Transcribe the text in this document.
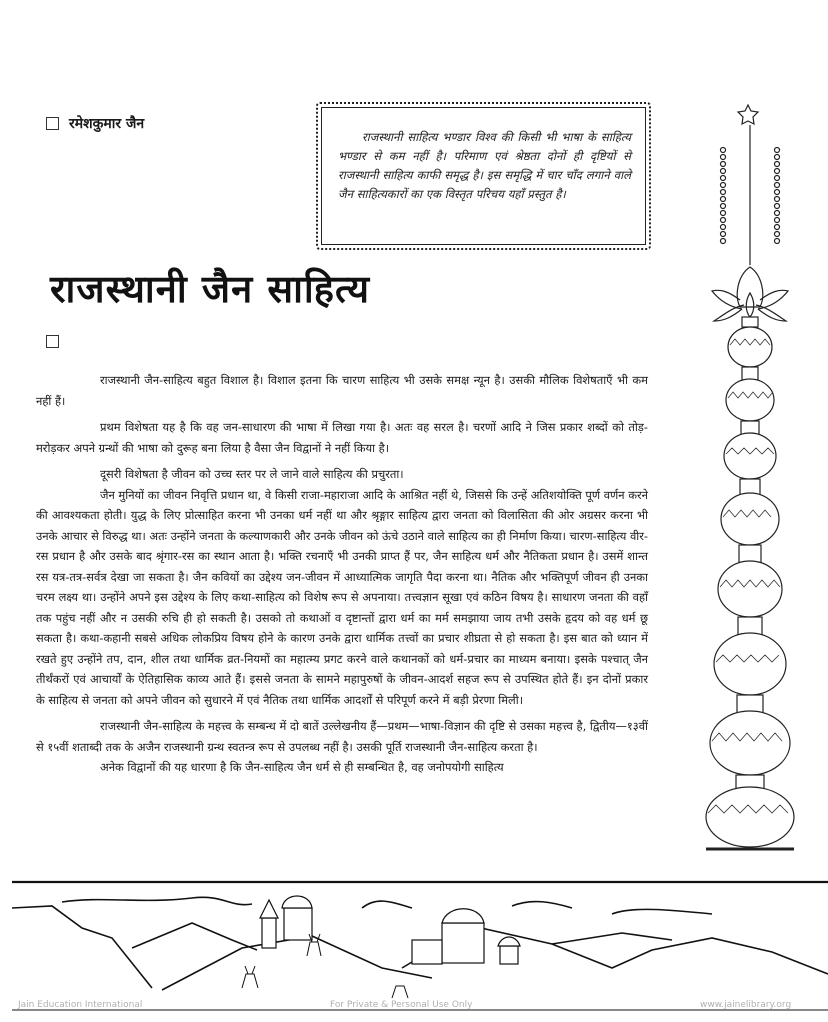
रमेशकुमार जैन

राजस्थानी साहित्य भण्डार विश्व की किसी भी भाषा के साहित्य भण्डार से कम नहीं है। परिमाण एवं श्रेष्ठता दोनों ही दृष्टियों से राजस्थानी साहित्य काफी समृद्ध है। इस समृद्धि में चार चाँद लगाने वाले जैन साहित्यकारों का एक विस्तृत परिचय यहाँ प्रस्तुत है।

राजस्थानी जैन साहित्य

राजस्थानी जैन-साहित्य बहुत विशाल है। विशाल इतना कि चारण साहित्य भी उसके समक्ष न्यून है। उसकी मौलिक विशेषताएँ भी कम नहीं हैं।

प्रथम विशेषता यह है कि वह जन-साधारण की भाषा में लिखा गया है। अतः वह सरल है। चरणों आदि ने जिस प्रकार शब्दों को तोड़-मरोड़कर अपने ग्रन्थों की भाषा को दुरूह बना लिया है वैसा जैन विद्वानों ने नहीं किया है।

दूसरी विशेषता है जीवन को उच्च स्तर पर ले जाने वाले साहित्य की प्रचुरता।

जैन मुनियों का जीवन निवृत्ति प्रधान था, वे किसी राजा-महाराजा आदि के आश्रित नहीं थे, जिससे कि उन्हें अतिशयोक्ति पूर्ण वर्णन करने की आवश्यकता होती। युद्ध के लिए प्रोत्साहित करना भी उनका धर्म नहीं था और श्रृङ्गार साहित्य द्वारा जनता को विलासिता की ओर अग्रसर करना भी उनके आचार से विरुद्ध था। अतः उन्होंने जनता के कल्याणकारी और उनके जीवन को ऊंचे उठाने वाले साहित्य का ही निर्माण किया। चारण-साहित्य वीर-रस प्रधान है और उसके बाद श्रृंगार-रस का स्थान आता है। भक्ति रचनाएँ भी उनकी प्राप्त हैं पर, जैन साहित्य धर्म और नैतिकता प्रधान है। उसमें शान्त रस यत्र-तत्र-सर्वत्र देखा जा सकता है। जैन कवियों का उद्देश्य जन-जीवन में आध्यात्मिक जागृति पैदा करना था। नैतिक और भक्तिपूर्ण जीवन ही उनका चरम लक्ष्य था। उन्होंने अपने इस उद्देश्य के लिए कथा-साहित्य को विशेष रूप से अपनाया। तत्त्वज्ञान सूखा एवं कठिन विषय है। साधारण जनता की वहाँ तक पहुंच नहीं और न उसकी रुचि ही हो सकती है। उसको तो कथाओं व दृष्टान्तों द्वारा धर्म का मर्म समझाया जाय तभी उसके हृदय को वह धर्म छू सकता है। कथा-कहानी सबसे अधिक लोकप्रिय विषय होने के कारण उनके द्वारा धार्मिक तत्त्वों का प्रचार शीघ्रता से हो सकता है। इस बात को ध्यान में रखते हुए उन्होंने तप, दान, शील तथा धार्मिक व्रत-नियमों का महात्म्य प्रगट करने वाले कथानकों को धर्म-प्रचार का माध्यम बनाया। इसके पश्चात् जैन तीर्थंकरों एवं आचार्यों के ऐतिहासिक काव्य आते हैं। इससे जनता के सामने महापुरुषों के जीवन-आदर्श सहज रूप से उपस्थित होते हैं। इन दोनों प्रकार के साहित्य से जनता को अपने जीवन को सुधारने में एवं नैतिक तथा धार्मिक आदर्शों से परिपूर्ण करने में बड़ी प्रेरणा मिली।

राजस्थानी जैन-साहित्य के महत्त्व के सम्बन्ध में दो बातें उल्लेखनीय हैं—प्रथम—भाषा-विज्ञान की दृष्टि से उसका महत्त्व है, द्वितीय—१३वीं से १५वीं शताब्दी तक के अजैन राजस्थानी ग्रन्थ स्वतन्त्र रूप से उपलब्ध नहीं है। उसकी पूर्ति राजस्थानी जैन-साहित्य करता है।

अनेक विद्वानों की यह धारणा है कि जैन-साहित्य जैन धर्म से ही सम्बन्धित है, वह जनोपयोगी साहित्य

Jain Education International	For Private & Personal Use Only	www.jainelibrary.org
